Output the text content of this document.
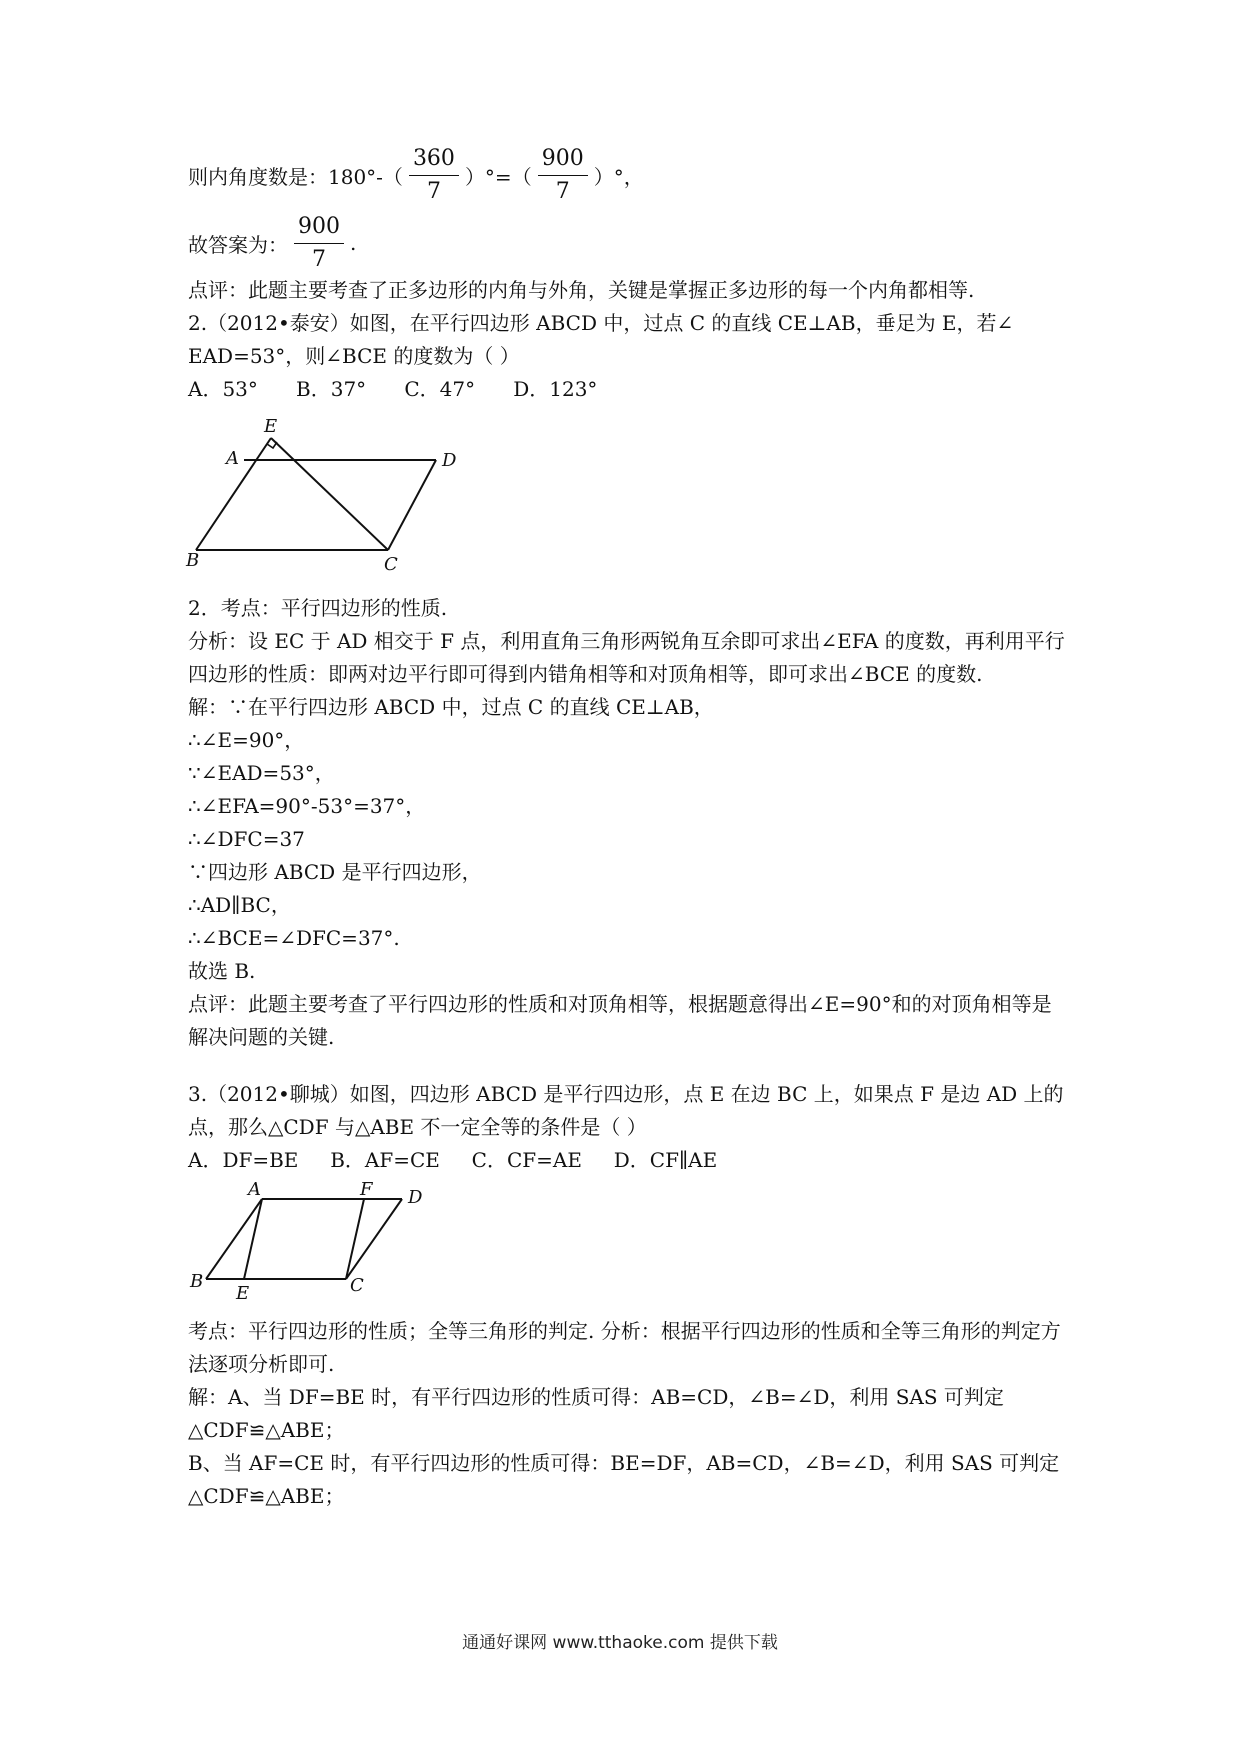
则内角度数是：$180^\circ-( \frac{360}{7}$ ）°=（ $\frac{900}{7}$ ）°，
故答案为： $\frac{900}{7}$ .
点评：此题主要考查了正多边形的内角与外角，关键是掌握正多边形的每一个内角都相等.
2.（2012•泰安）如图，在平行四边形 ABCD 中，过点 C 的直线 CE⊥AB，垂足为 E，若∠
EAD=53°，则∠BCE 的度数为（ ）
A．53°      B．37°      C．47°      D．123°
E
A	D
B	C
2．考点：平行四边形的性质.
分析：设 EC 于 AD 相交于 F 点，利用直角三角形两锐角互余即可求出∠EFA 的度数，再利用平行四边形的性质：即两对边平行即可得到内错角相等和对顶角相等，即可求出∠BCE 的度数.
解：∵在平行四边形 ABCD 中，过点 C 的直线 CE⊥AB，
∴∠E=90°，
∵∠EAD=53°，
∴∠EFA=90°-53°=37°，
∴∠DFC=37
∵四边形 ABCD 是平行四边形，
∴AD∥BC，
∴∠BCE=∠DFC=37°.
故选 B.
点评：此题主要考查了平行四边形的性质和对顶角相等，根据题意得出∠E=90°和的对顶角相等是解决问题的关键.
3.（2012•聊城）如图，四边形 ABCD 是平行四边形，点 E 在边 BC 上，如果点 F 是边 AD 上的点，那么△CDF 与△ABE 不一定全等的条件是（ ）
A．DF=BE     B．AF=CE     C．CF=AE     D．CF∥AE
A	F D
B
E	C
考点：平行四边形的性质；全等三角形的判定. 分析：根据平行四边形的性质和全等三角形的判定方法逐项分析即可.
解：A、当 DF=BE 时，有平行四边形的性质可得：AB=CD，∠B=∠D，利用 SAS 可判定△CDF≌△ABE；
B、当 AF=CE 时，有平行四边形的性质可得：BE=DF，AB=CD，∠B=∠D，利用 SAS 可判定△CDF≌△ABE；
通通好课网 www.tthaoke.com 提供下载
